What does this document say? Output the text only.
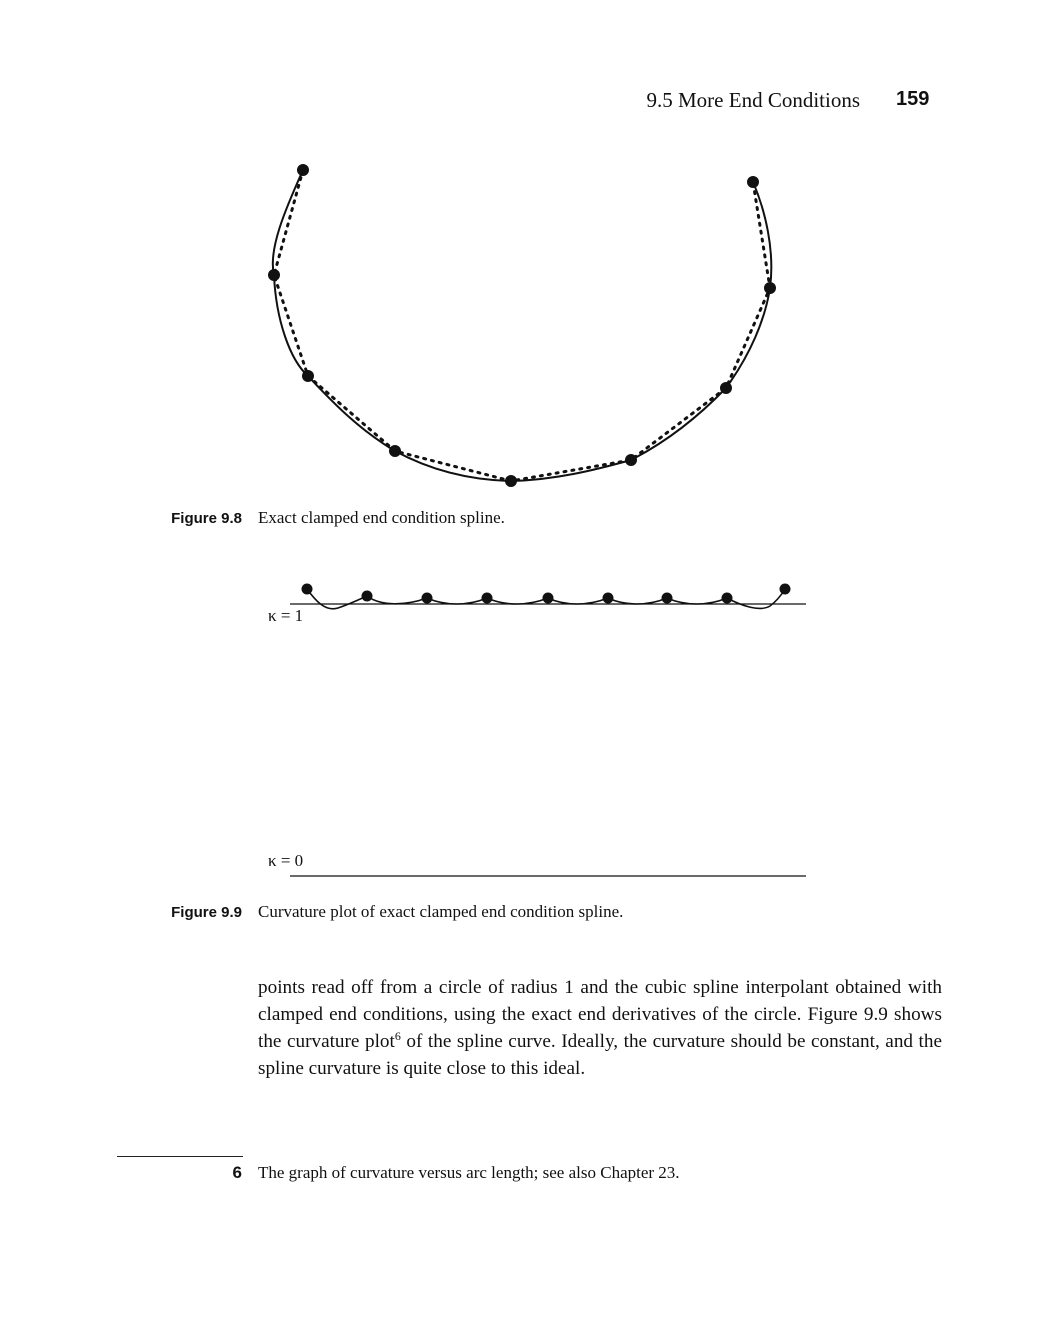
9.5 More End Conditions 159
Figure 9.8 Exact clamped end condition spline.
κ = 1
κ = 0
Figure 9.9 Curvature plot of exact clamped end condition spline.

points read off from a circle of radius 1 and the cubic spline interpolant obtained with clamped end conditions, using the exact end derivatives of the circle. Figure 9.9 shows the curvature plot$^6$ of the spline curve. Ideally, the curvature should be constant, and the spline curvature is quite close to this ideal.

6 The graph of curvature versus arc length; see also Chapter 23.
